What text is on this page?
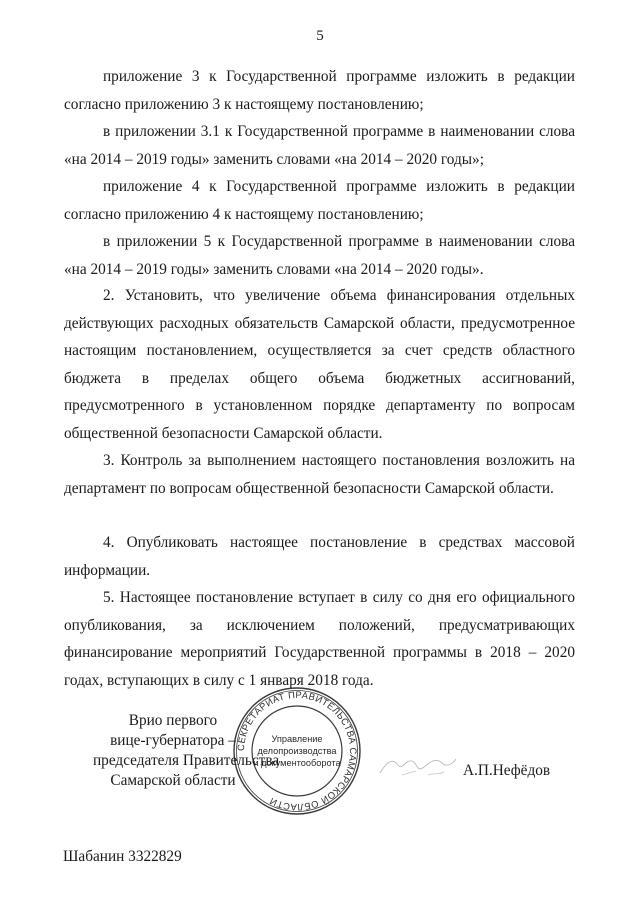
5

приложение 3 к Государственной программе изложить в редакции согласно приложению 3 к настоящему постановлению;

в приложении 3.1 к Государственной программе в наименовании слова «на 2014 – 2019 годы» заменить словами «на 2014 – 2020 годы»;

приложение 4 к Государственной программе изложить в редакции согласно приложению 4 к настоящему постановлению;

в приложении 5 к Государственной программе в наименовании слова «на 2014 – 2019 годы» заменить словами «на 2014 – 2020 годы».

2. Установить, что увеличение объема финансирования отдельных действующих расходных обязательств Самарской области, предусмотренное настоящим постановлением, осуществляется за счет средств областного бюджета в пределах общего объема бюджетных ассигнований, предусмотренного в установленном порядке департаменту по вопросам общественной безопасности Самарской области.

3. Контроль за выполнением настоящего постановления возложить на департамент по вопросам общественной безопасности Самарской области.

4. Опубликовать настоящее постановление в средствах массовой информации.

5. Настоящее постановление вступает в силу со дня его официального опубликования, за исключением положений, предусматривающих финансирование мероприятий Государственной программы в 2018 – 2020 годах, вступающих в силу с 1 января 2018 года.

СЕКРЕТАРИАТ ПРАВИТЕЛЬСТВА САМАРСКОЙ ОБЛАСТИ
Управление
делопроизводства
и документооборота
Врио первого
вице-губернатора –
председателя Правительства
Самарской области
А.П.Нефёдов
Шабанин 3322829
